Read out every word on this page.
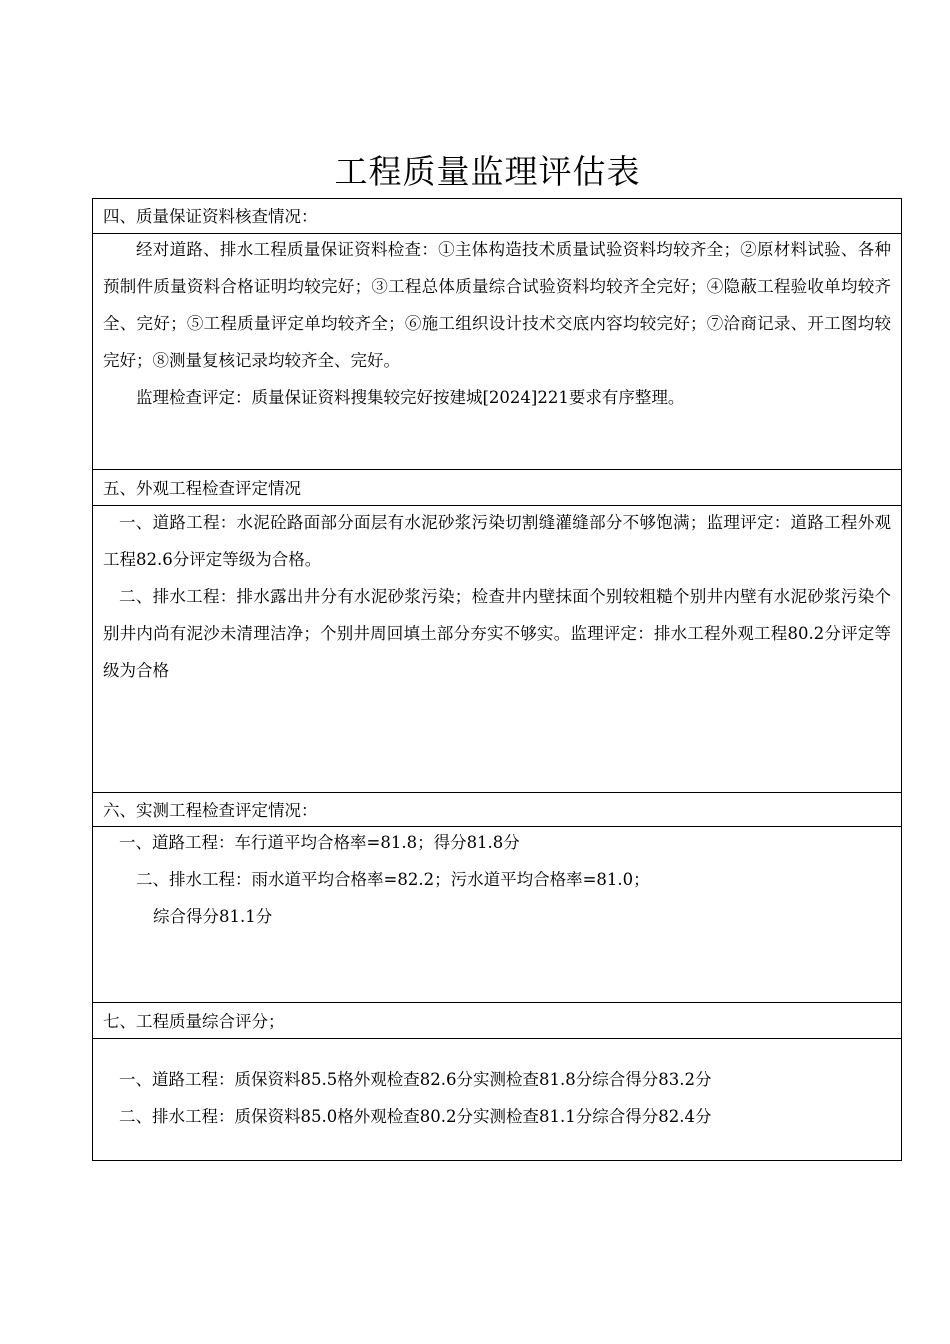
工程质量监理评估表
四、质量保证资料核查情况：

经对道路、排水工程质量保证资料检查：①主体构造技术质量试验资料均较齐全；②原材料试验、各种预制件质量资料合格证明均较完好；③工程总体质量综合试验资料均较齐全完好；④隐蔽工程验收单均较齐全、完好；⑤工程质量评定单均较齐全；⑥施工组织设计技术交底内容均较完好；⑦洽商记录、开工图均较完好；⑧测量复核记录均较齐全、完好。

监理检查评定：质量保证资料搜集较完好按建城[2024]221要求有序整理。

五、外观工程检查评定情况

一、道路工程：水泥砼路面部分面层有水泥砂浆污染切割缝灌缝部分不够饱满；监理评定：道路工程外观工程82.6分评定等级为合格。

二、排水工程：排水露出井分有水泥砂浆污染；检查井内壁抹面个别较粗糙个别井内壁有水泥砂浆污染个别井内尚有泥沙未清理洁净；个别井周回填土部分夯实不够实。监理评定：排水工程外观工程80.2分评定等级为合格

六、实测工程检查评定情况：

一、道路工程：车行道平均合格率=81.8；得分81.8分

二、排水工程：雨水道平均合格率=82.2；污水道平均合格率=81.0；

综合得分81.1分

七、工程质量综合评分；

一、道路工程：质保资料85.5格外观检查82.6分实测检查81.8分综合得分83.2分

二、排水工程：质保资料85.0格外观检查80.2分实测检查81.1分综合得分82.4分
